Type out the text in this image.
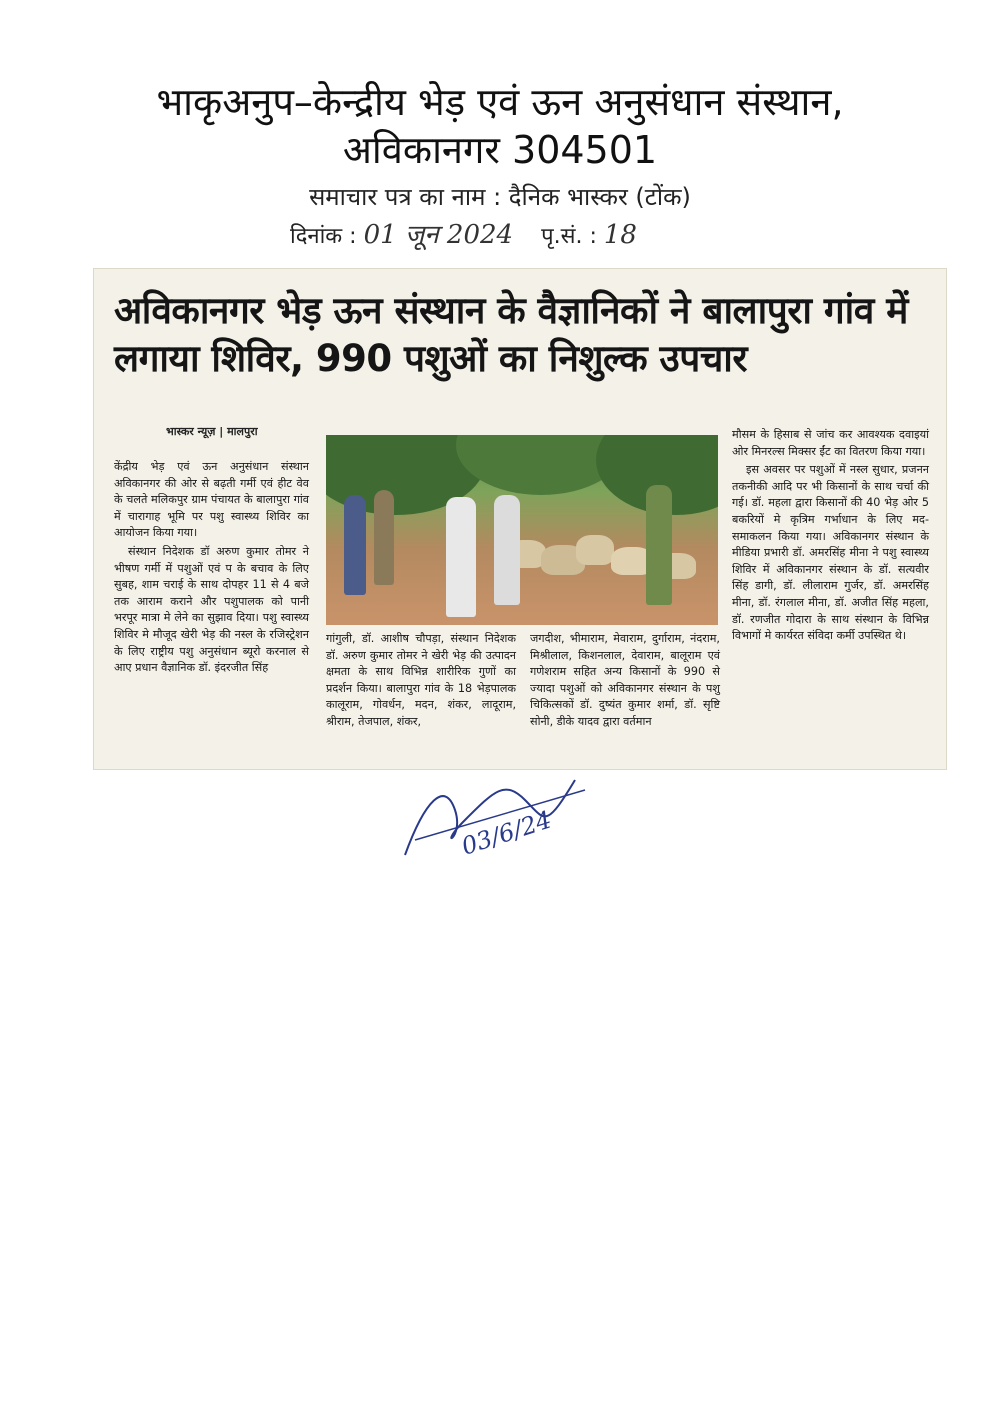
भाकृअनुप–केन्द्रीय भेड़ एवं ऊन अनुसंधान संस्थान,
अविकानगर 304501
समाचार पत्र का नाम : दैनिक भास्कर (टोंक)
दिनांक : 01 जून 2024 पृ.सं. : 18
अविकानगर भेड़ ऊन संस्थान के वैज्ञानिकों ने बालापुरा गांव में लगाया शिविर, 990 पशुओं का निशुल्क उपचार
भास्कर न्यूज़ | मालपुरा

केंद्रीय भेड़ एवं ऊन अनुसंधान संस्थान अविकानगर की ओर से बढ़ती गर्मी एवं हीट वेव के चलते मलिकपुर ग्राम पंचायत के बालापुरा गांव में चारागाह भूमि पर पशु स्वास्थ्य शिविर का आयोजन किया गया।

संस्थान निदेशक डॉ अरुण कुमार तोमर ने भीषण गर्मी में पशुओं एवं प के बचाव के लिए सुबह, शाम चराई के साथ दोपहर 11 से 4 बजे तक आराम कराने और पशुपालक को पानी भरपूर मात्रा मे लेने का सुझाव दिया। पशु स्वास्थ्य शिविर मे मौजूद खेरी भेड़ की नस्ल के रजिस्ट्रेशन के लिए राष्ट्रीय पशु अनुसंधान ब्यूरो करनाल से आए प्रधान वैज्ञानिक डॉ. इंदरजीत सिंह

गांगुली, डॉ. आशीष चौपड़ा, संस्थान निदेशक डॉ. अरुण कुमार तोमर ने खेरी भेड़ की उत्पादन क्षमता के साथ विभिन्न शारीरिक गुणों का प्रदर्शन किया। बालापुरा गांव के 18 भेड़पालक कालूराम, गोवर्धन, मदन, शंकर, लादूराम, श्रीराम, तेजपाल, शंकर,
जगदीश, भीमाराम, मेवाराम, दुर्गाराम, नंदराम, मिश्रीलाल, किशनलाल, देवाराम, बालूराम एवं गणेशराम सहित अन्य किसानों के 990 से ज्यादा पशुओं को अविकानगर संस्थान के पशु चिकित्सकों डॉ. दुष्यंत कुमार शर्मा, डॉ. सृष्टि सोनी, डीके यादव द्वारा वर्तमान

मौसम के हिसाब से जांच कर आवश्यक दवाइयां ओर मिनरल्स मिक्सर ईंट का वितरण किया गया।

इस अवसर पर पशुओं में नस्ल सुधार, प्रजनन तकनीकी आदि पर भी किसानों के साथ चर्चा की गई। डॉ. महला द्वारा किसानों की 40 भेड़ ओर 5 बकरियों मे कृत्रिम गर्भाधान के लिए मद-समाकलन किया गया। अविकानगर संस्थान के मीडिया प्रभारी डॉ. अमरसिंह मीना ने पशु स्वास्थ्य शिविर में अविकानगर संस्थान के डॉ. सत्यवीर सिंह डागी, डॉ. लीलाराम गुर्जर, डॉ. अमरसिंह मीना, डॉ. रंगलाल मीना, डॉ. अजीत सिंह महला, डॉ. रणजीत गोदारा के साथ संस्थान के विभिन्न विभागों मे कार्यरत संविदा कर्मी उपस्थित थे।

03/6/24
